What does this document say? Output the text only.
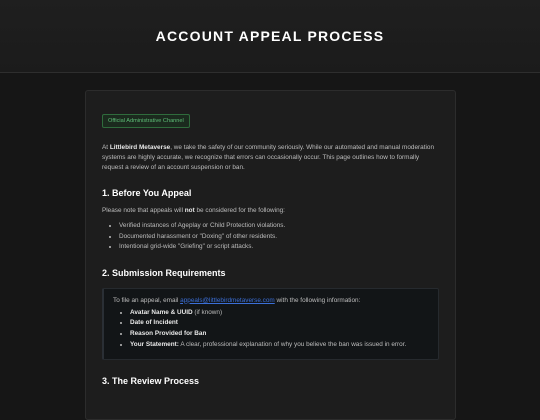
ACCOUNT APPEAL PROCESS
Official Administrative Channel

At Littlebird Metaverse, we take the safety of our community seriously. While our automated and manual moderation systems are highly accurate, we recognize that errors can occasionally occur. This page outlines how to formally request a review of an account suspension or ban.

1. Before You Appeal

Please note that appeals will not be considered for the following:

• Verified instances of Ageplay or Child Protection violations.
• Documented harassment or "Doxing" of other residents.
• Intentional grid-wide "Griefing" or script attacks.
2. Submission Requirements

To file an appeal, email appeals@littlebirdmetaverse.com with the following information:

• Avatar Name & UUID (if known)
• Date of Incident
• Reason Provided for Ban
• Your Statement: A clear, professional explanation of why you believe the ban was issued in error.
3. The Review Process
